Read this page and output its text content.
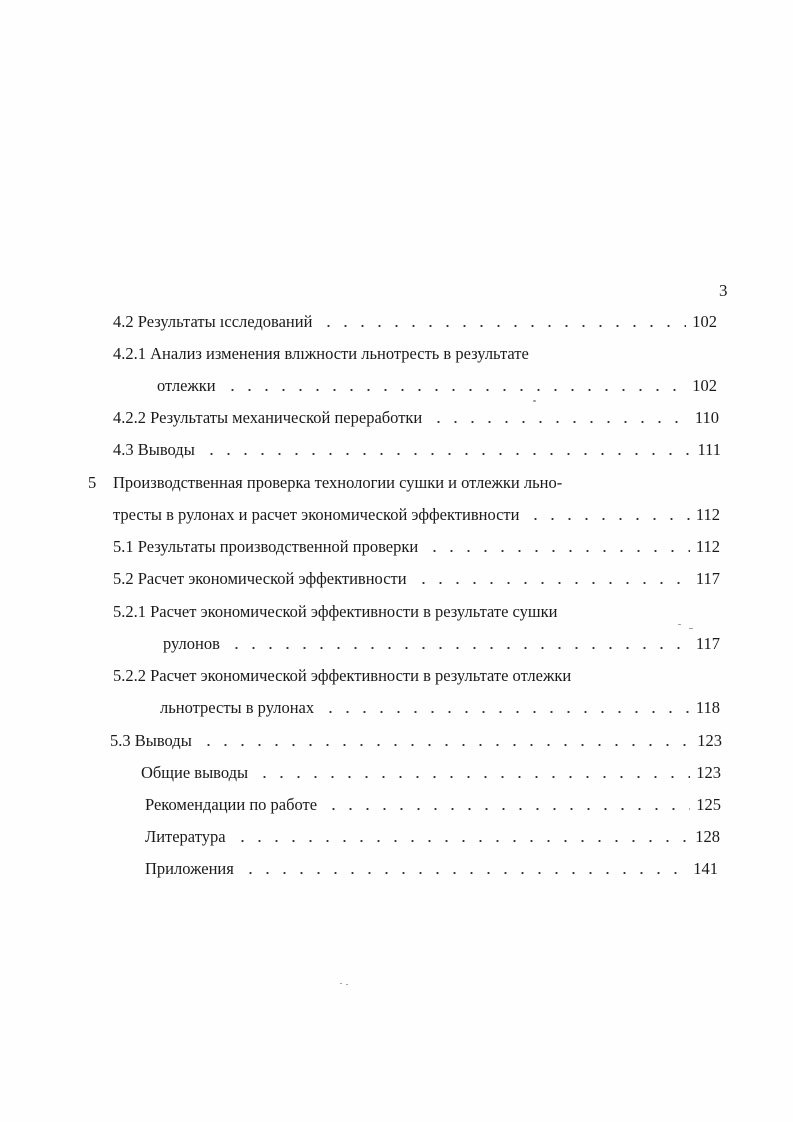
3
4.2 Результаты ıсследований	102
4.2.1 Анализ изменения влıжности льнотресть в результате
отлежки	102
4.2.2 Результаты механической переработки	110
4.3 Выводы	111
5 Производственная проверка технологии сушки и отлежки льно-
тресты в рулонах и расчет экономической эффективности	112
5.1 Результаты производственной проверки	112
5.2 Расчет экономической эффективности	117
5.2.1 Расчет экономической эффективности в результате сушки
рулонов	117
5.2.2 Расчет экономической эффективности в результате отлежки
льнотресты в рулонах	118
5.3 Выводы	123
Общие выводы	123
Рекомендации по работе	125
Литература	128
Приложения	141
